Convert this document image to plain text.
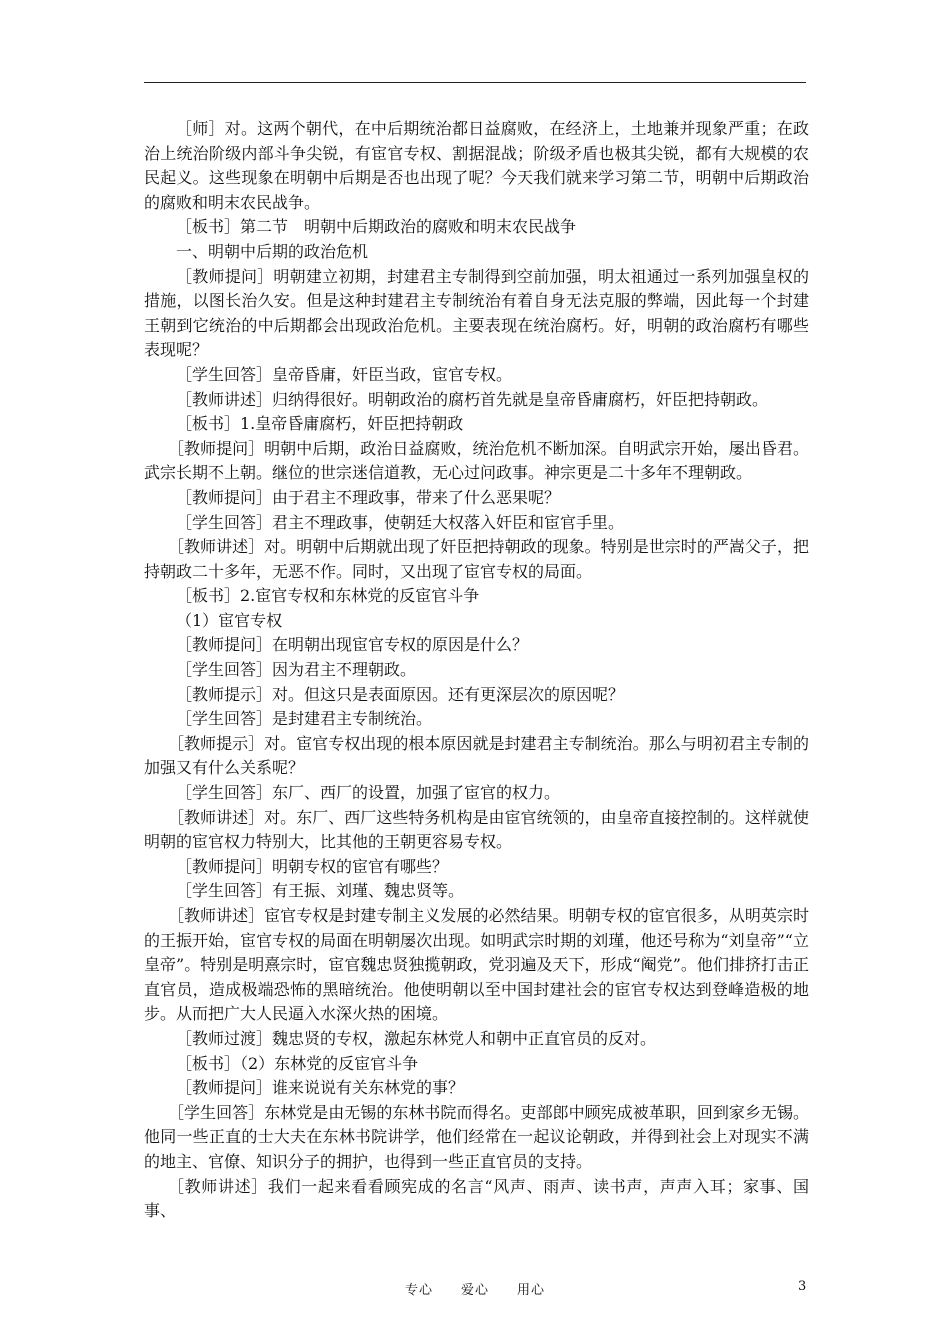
［师］对。这两个朝代，在中后期统治都日益腐败，在经济上，土地兼并现象严重；在政治上统治阶级内部斗争尖锐，有宦官专权、割据混战；阶级矛盾也极其尖锐，都有大规模的农民起义。这些现象在明朝中后期是否也出现了呢？今天我们就来学习第二节，明朝中后期政治的腐败和明末农民战争。

［板书］第二节　明朝中后期政治的腐败和明末农民战争

一、明朝中后期的政治危机

［教师提问］明朝建立初期，封建君主专制得到空前加强，明太祖通过一系列加强皇权的措施，以图长治久安。但是这种封建君主专制统治有着自身无法克服的弊端，因此每一个封建王朝到它统治的中后期都会出现政治危机。主要表现在统治腐朽。好，明朝的政治腐朽有哪些表现呢？

［学生回答］皇帝昏庸，奸臣当政，宦官专权。

［教师讲述］归纳得很好。明朝政治的腐朽首先就是皇帝昏庸腐朽，奸臣把持朝政。

［板书］1.皇帝昏庸腐朽，奸臣把持朝政

［教师提问］明朝中后期，政治日益腐败，统治危机不断加深。自明武宗开始，屡出昏君。武宗长期不上朝。继位的世宗迷信道教，无心过问政事。神宗更是二十多年不理朝政。

［教师提问］由于君主不理政事，带来了什么恶果呢？

［学生回答］君主不理政事，使朝廷大权落入奸臣和宦官手里。

［教师讲述］对。明朝中后期就出现了奸臣把持朝政的现象。特别是世宗时的严嵩父子，把持朝政二十多年，无恶不作。同时，又出现了宦官专权的局面。

［板书］2.宦官专权和东林党的反宦官斗争

（1）宦官专权

［教师提问］在明朝出现宦官专权的原因是什么？

［学生回答］因为君主不理朝政。

［教师提示］对。但这只是表面原因。还有更深层次的原因呢？

［学生回答］是封建君主专制统治。

［教师提示］对。宦官专权出现的根本原因就是封建君主专制统治。那么与明初君主专制的加强又有什么关系呢？

［学生回答］东厂、西厂的设置，加强了宦官的权力。

［教师讲述］对。东厂、西厂这些特务机构是由宦官统领的，由皇帝直接控制的。这样就使明朝的宦官权力特别大，比其他的王朝更容易专权。

［教师提问］明朝专权的宦官有哪些？

［学生回答］有王振、刘瑾、魏忠贤等。

［教师讲述］宦官专权是封建专制主义发展的必然结果。明朝专权的宦官很多，从明英宗时的王振开始，宦官专权的局面在明朝屡次出现。如明武宗时期的刘瑾，他还号称为“刘皇帝”“立皇帝”。特别是明熹宗时，宦官魏忠贤独揽朝政，党羽遍及天下，形成“阉党”。他们排挤打击正直官员，造成极端恐怖的黑暗统治。他使明朝以至中国封建社会的宦官专权达到登峰造极的地步。从而把广大人民逼入水深火热的困境。

［教师过渡］魏忠贤的专权，激起东林党人和朝中正直官员的反对。

［板书］（2）东林党的反宦官斗争

［教师提问］谁来说说有关东林党的事？

［学生回答］东林党是由无锡的东林书院而得名。吏部郎中顾宪成被革职，回到家乡无锡。他同一些正直的士大夫在东林书院讲学，他们经常在一起议论朝政，并得到社会上对现实不满的地主、官僚、知识分子的拥护，也得到一些正直官员的支持。

［教师讲述］我们一起来看看顾宪成的名言“风声、雨声、读书声，声声入耳；家事、国事、

专心　　爱心　　用心	3
